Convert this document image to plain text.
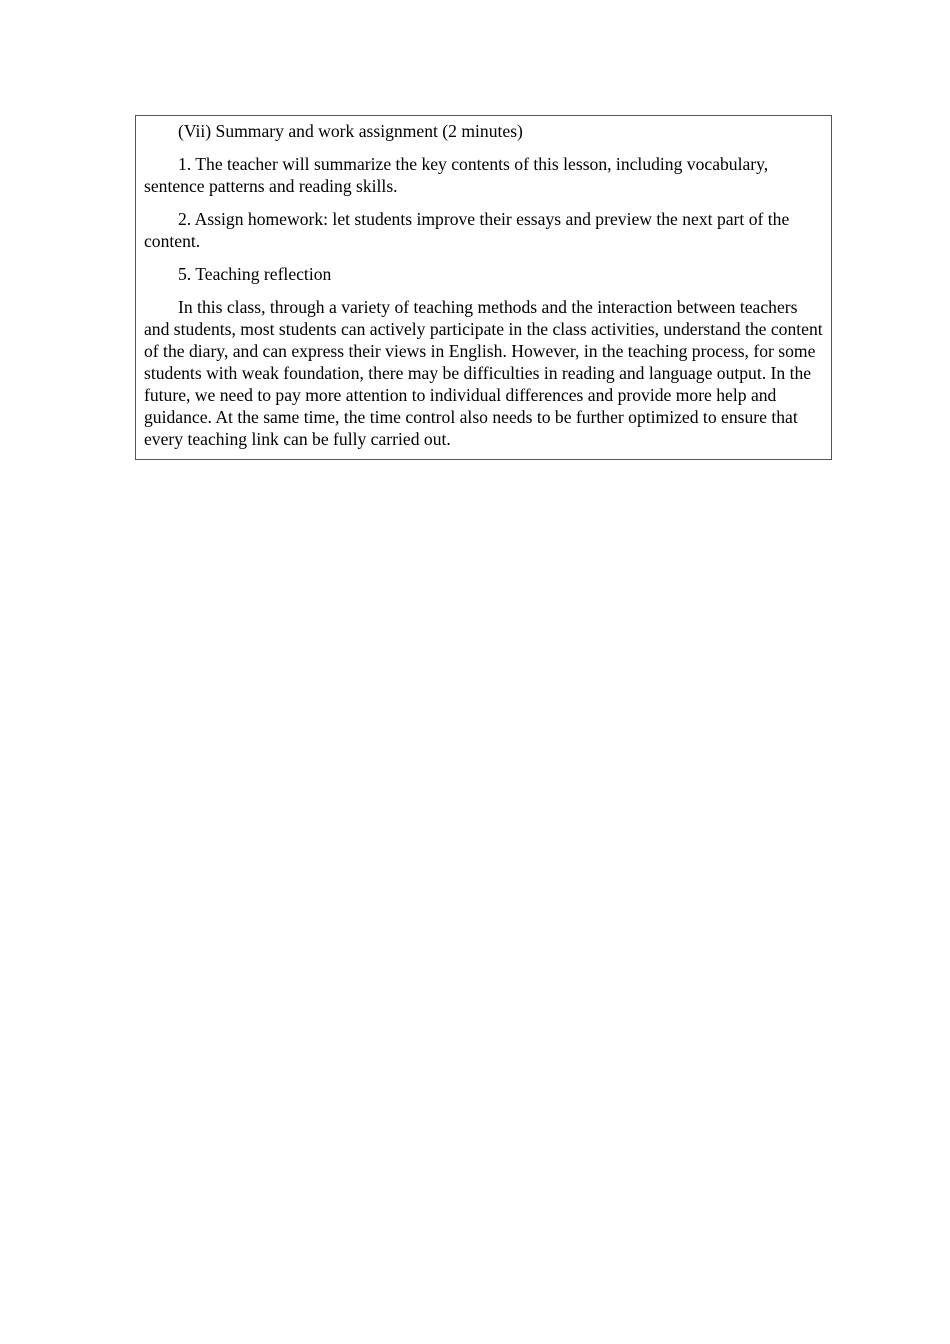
(Vii) Summary and work assignment (2 minutes)

1. The teacher will summarize the key contents of this lesson, including vocabulary, sentence patterns and reading skills.

2. Assign homework: let students improve their essays and preview the next part of the content.

5. Teaching reflection

In this class, through a variety of teaching methods and the interaction between teachers and students, most students can actively participate in the class activities, understand the content of the diary, and can express their views in English. However, in the teaching process, for some students with weak foundation, there may be difficulties in reading and language output. In the future, we need to pay more attention to individual differences and provide more help and guidance. At the same time, the time control also needs to be further optimized to ensure that every teaching link can be fully carried out.
